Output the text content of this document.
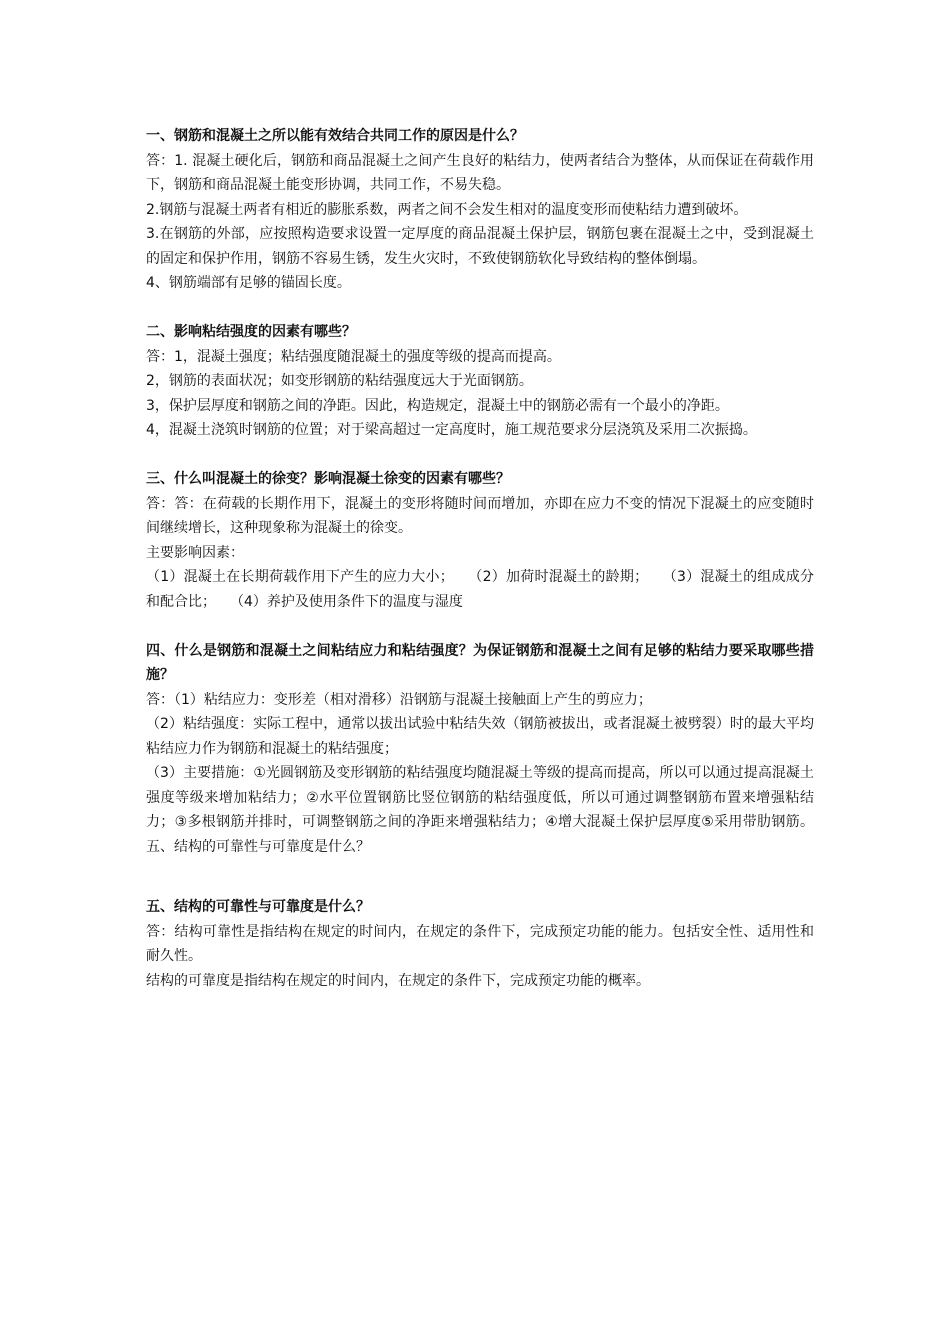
一、钢筋和混凝土之所以能有效结合共同工作的原因是什么？

答：1. 混凝土硬化后，钢筋和商品混凝土之间产生良好的粘结力，使两者结合为整体，从而保证在荷载作用下，钢筋和商品混凝土能变形协调，共同工作，不易失稳。

2.钢筋与混凝土两者有相近的膨胀系数，两者之间不会发生相对的温度变形而使粘结力遭到破坏。

3.在钢筋的外部，应按照构造要求设置一定厚度的商品混凝土保护层，钢筋包裹在混凝土之中，受到混凝土的固定和保护作用，钢筋不容易生锈，发生火灾时，不致使钢筋软化导致结构的整体倒塌。

4、钢筋端部有足够的锚固长度。

二、影响粘结强度的因素有哪些？

答：1，混凝土强度；粘结强度随混凝土的强度等级的提高而提高。

2，钢筋的表面状况；如变形钢筋的粘结强度远大于光面钢筋。

3，保护层厚度和钢筋之间的净距。因此，构造规定，混凝土中的钢筋必需有一个最小的净距。

4，混凝土浇筑时钢筋的位置；对于梁高超过一定高度时，施工规范要求分层浇筑及采用二次振捣。

三、什么叫混凝土的徐变？影响混凝土徐变的因素有哪些？

答：答：在荷载的长期作用下，混凝土的变形将随时间而增加，亦即在应力不变的情况下混凝土的应变随时间继续增长，这种现象称为混凝土的徐变。

主要影响因素：

（1）混凝土在长期荷载作用下产生的应力大小；　　（2）加荷时混凝土的龄期；　　（3）混凝土的组成成分和配合比；　　（4）养护及使用条件下的温度与湿度

四、什么是钢筋和混凝土之间粘结应力和粘结强度？为保证钢筋和混凝土之间有足够的粘结力要采取哪些措施？

答：（1）粘结应力：变形差（相对滑移）沿钢筋与混凝土接触面上产生的剪应力；

（2）粘结强度：实际工程中，通常以拔出试验中粘结失效（钢筋被拔出，或者混凝土被劈裂）时的最大平均粘结应力作为钢筋和混凝土的粘结强度；

（3）主要措施：①光圆钢筋及变形钢筋的粘结强度均随混凝土等级的提高而提高，所以可以通过提高混凝土强度等级来增加粘结力；②水平位置钢筋比竖位钢筋的粘结强度低，所以可通过调整钢筋布置来增强粘结力；③多根钢筋并排时，可调整钢筋之间的净距来增强粘结力；④增大混凝土保护层厚度⑤采用带肋钢筋。五、结构的可靠性与可靠度是什么？

五、结构的可靠性与可靠度是什么？

答：结构可靠性是指结构在规定的时间内，在规定的条件下，完成预定功能的能力。包括安全性、适用性和耐久性。

结构的可靠度是指结构在规定的时间内，在规定的条件下，完成预定功能的概率。
